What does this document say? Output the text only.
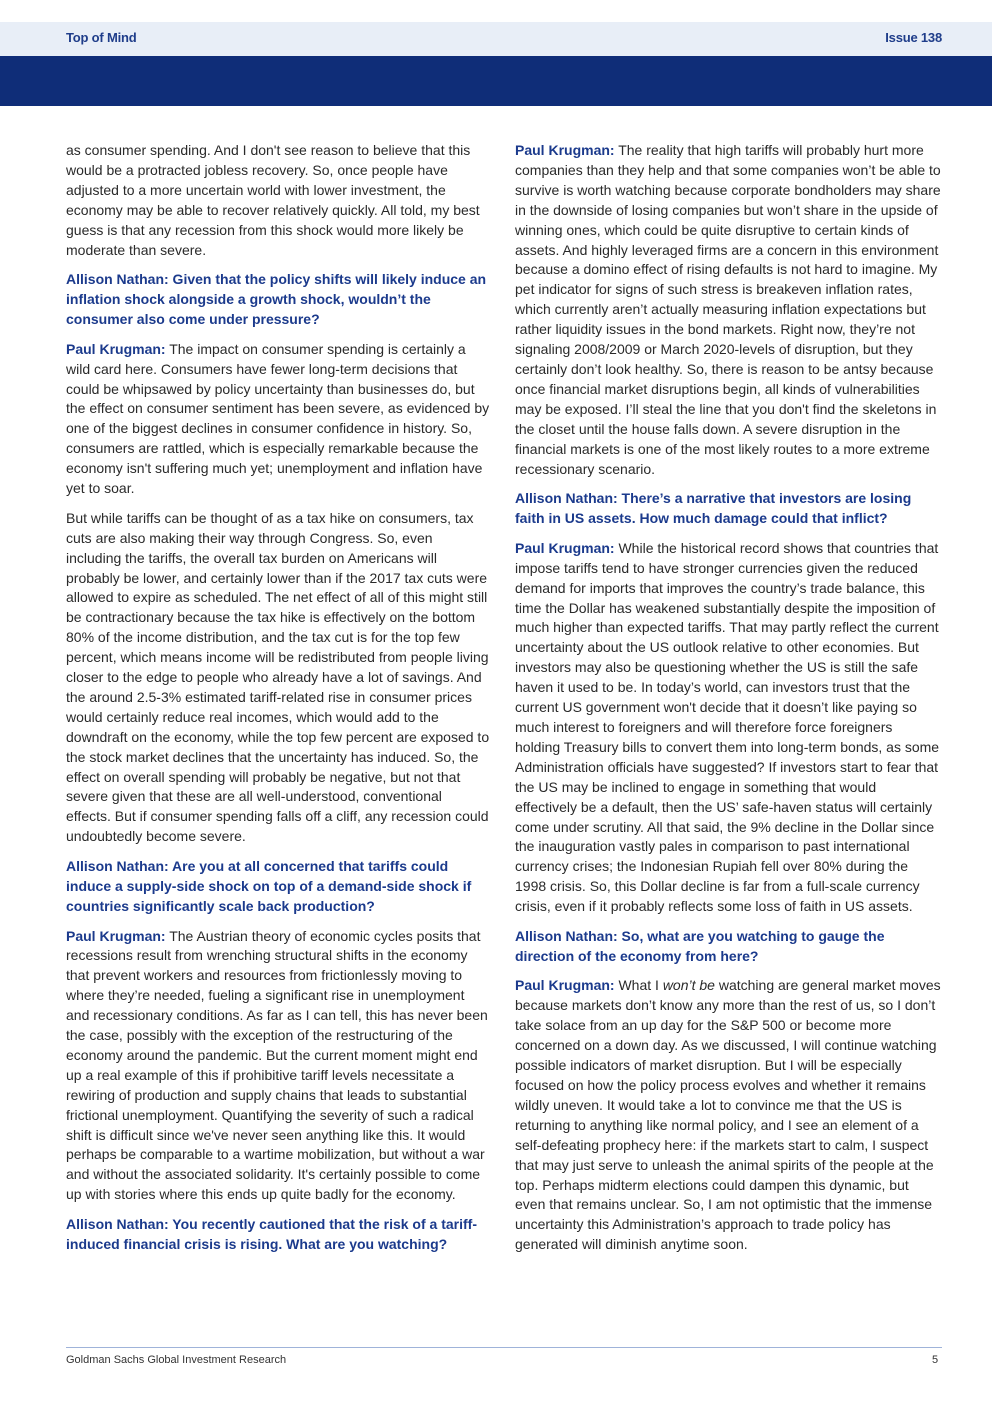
Top of Mind	Issue 138

as consumer spending. And I don't see reason to believe that this would be a protracted jobless recovery. So, once people have adjusted to a more uncertain world with lower investment, the economy may be able to recover relatively quickly. All told, my best guess is that any recession from this shock would more likely be moderate than severe.

Allison Nathan: Given that the policy shifts will likely induce an inflation shock alongside a growth shock, wouldn’t the consumer also come under pressure?

Paul Krugman: The impact on consumer spending is certainly a wild card here. Consumers have fewer long-term decisions that could be whipsawed by policy uncertainty than businesses do, but the effect on consumer sentiment has been severe, as evidenced by one of the biggest declines in consumer confidence in history. So, consumers are rattled, which is especially remarkable because the economy isn't suffering much yet; unemployment and inflation have yet to soar.

But while tariffs can be thought of as a tax hike on consumers, tax cuts are also making their way through Congress. So, even including the tariffs, the overall tax burden on Americans will probably be lower, and certainly lower than if the 2017 tax cuts were allowed to expire as scheduled. The net effect of all of this might still be contractionary because the tax hike is effectively on the bottom 80% of the income distribution, and the tax cut is for the top few percent, which means income will be redistributed from people living closer to the edge to people who already have a lot of savings. And the around 2.5-3% estimated tariff-related rise in consumer prices would certainly reduce real incomes, which would add to the downdraft on the economy, while the top few percent are exposed to the stock market declines that the uncertainty has induced. So, the effect on overall spending will probably be negative, but not that severe given that these are all well-understood, conventional effects. But if consumer spending falls off a cliff, any recession could undoubtedly become severe.

Allison Nathan: Are you at all concerned that tariffs could induce a supply-side shock on top of a demand-side shock if countries significantly scale back production?

Paul Krugman: The Austrian theory of economic cycles posits that recessions result from wrenching structural shifts in the economy that prevent workers and resources from frictionlessly moving to where they’re needed, fueling a significant rise in unemployment and recessionary conditions. As far as I can tell, this has never been the case, possibly with the exception of the restructuring of the economy around the pandemic. But the current moment might end up a real example of this if prohibitive tariff levels necessitate a rewiring of production and supply chains that leads to substantial frictional unemployment. Quantifying the severity of such a radical shift is difficult since we've never seen anything like this. It would perhaps be comparable to a wartime mobilization, but without a war and without the associated solidarity. It's certainly possible to come up with stories where this ends up quite badly for the economy.

Allison Nathan: You recently cautioned that the risk of a tariff-induced financial crisis is rising. What are you watching?

Paul Krugman: The reality that high tariffs will probably hurt more companies than they help and that some companies won’t be able to survive is worth watching because corporate bondholders may share in the downside of losing companies but won’t share in the upside of winning ones, which could be quite disruptive to certain kinds of assets. And highly leveraged firms are a concern in this environment because a domino effect of rising defaults is not hard to imagine. My pet indicator for signs of such stress is breakeven inflation rates, which currently aren’t actually measuring inflation expectations but rather liquidity issues in the bond markets. Right now, they’re not signaling 2008/2009 or March 2020-levels of disruption, but they certainly don’t look healthy. So, there is reason to be antsy because once financial market disruptions begin, all kinds of vulnerabilities may be exposed. I’ll steal the line that you don't find the skeletons in the closet until the house falls down. A severe disruption in the financial markets is one of the most likely routes to a more extreme recessionary scenario.

Allison Nathan: There’s a narrative that investors are losing faith in US assets. How much damage could that inflict?

Paul Krugman: While the historical record shows that countries that impose tariffs tend to have stronger currencies given the reduced demand for imports that improves the country’s trade balance, this time the Dollar has weakened substantially despite the imposition of much higher than expected tariffs. That may partly reflect the current uncertainty about the US outlook relative to other economies. But investors may also be questioning whether the US is still the safe haven it used to be. In today’s world, can investors trust that the current US government won't decide that it doesn’t like paying so much interest to foreigners and will therefore force foreigners holding Treasury bills to convert them into long-term bonds, as some Administration officials have suggested? If investors start to fear that the US may be inclined to engage in something that would effectively be a default, then the US’ safe-haven status will certainly come under scrutiny. All that said, the 9% decline in the Dollar since the inauguration vastly pales in comparison to past international currency crises; the Indonesian Rupiah fell over 80% during the 1998 crisis. So, this Dollar decline is far from a full-scale currency crisis, even if it probably reflects some loss of faith in US assets.

Allison Nathan: So, what are you watching to gauge the direction of the economy from here?

Paul Krugman: What I won’t be watching are general market moves because markets don’t know any more than the rest of us, so I don’t take solace from an up day for the S&P 500 or become more concerned on a down day. As we discussed, I will continue watching possible indicators of market disruption. But I will be especially focused on how the policy process evolves and whether it remains wildly uneven. It would take a lot to convince me that the US is returning to anything like normal policy, and I see an element of a self-defeating prophecy here: if the markets start to calm, I suspect that may just serve to unleash the animal spirits of the people at the top. Perhaps midterm elections could dampen this dynamic, but even that remains unclear. So, I am not optimistic that the immense uncertainty this Administration’s approach to trade policy has generated will diminish anytime soon.

Goldman Sachs Global Investment Research	5
